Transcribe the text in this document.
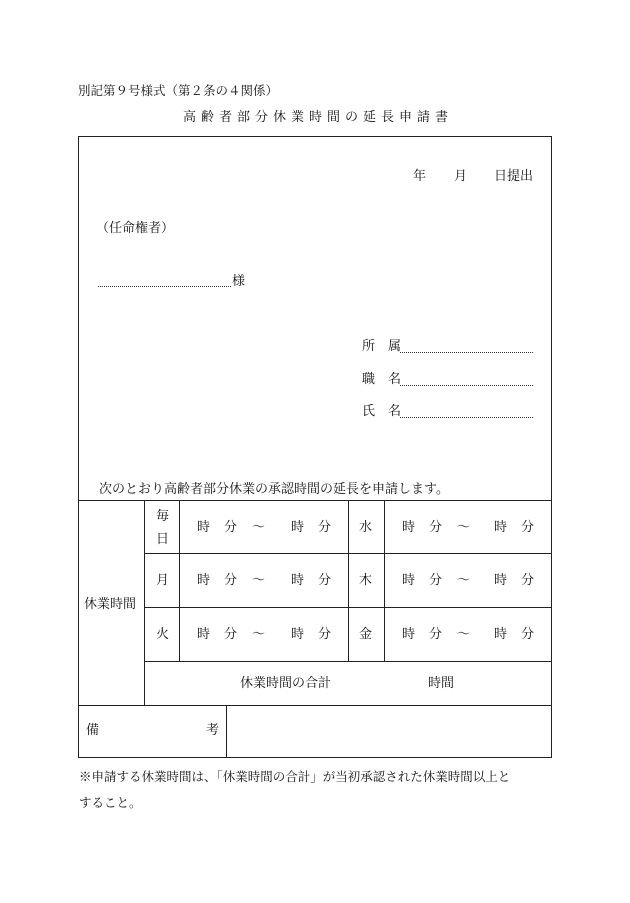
別記第９号様式（第２条の４関係）
高齢者部分休業時間の延長申請書
年 月 日提出
（任命権者）
様
所　属
職　名
氏　名
次のとおり高齢者部分休業の承認時間の延長を申請します。
休業時間
毎
日
時 分 ～ 時 分 水 時 分 ～ 時 分
月 時 分 ～ 時 分 木 時 分 ～ 時 分
火 時 分 ～ 時 分 金 時 分 ～ 時 分
休業時間の合計	時間
備	考
※申請する休業時間は、「休業時間の合計」が当初承認された休業時間以上と
すること。
